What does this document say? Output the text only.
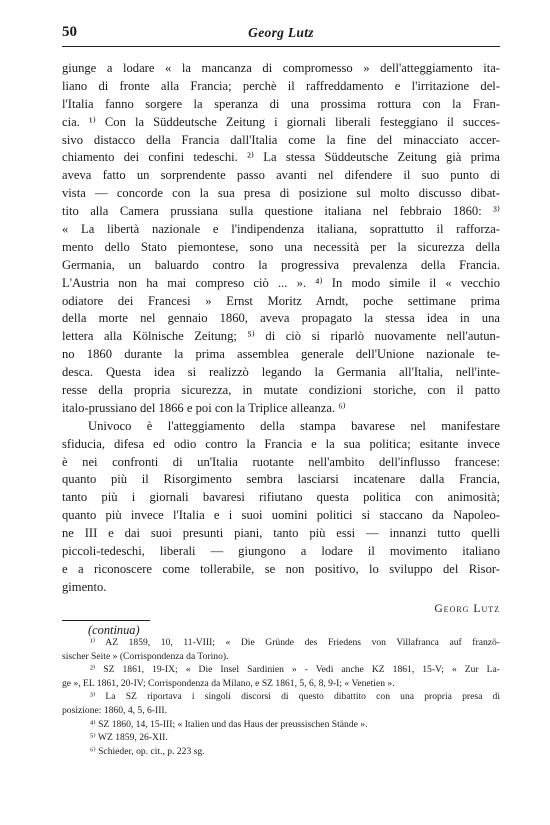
50	Georg Lutz
giunge a lodare « la mancanza di compromesso » dell'atteggiamento ita-
liano di fronte alla Francia; perchè il raffreddamento e l'irritazione del-
l'Italia fanno sorgere la speranza di una prossima rottura con la Fran-
cia. ¹⁾ Con la Süddeutsche Zeitung i giornali liberali festeggiano il succes-
sivo distacco della Francia dall'Italia come la fine del minacciato accer-
chiamento dei confini tedeschi. ²⁾ La stessa Süddeutsche Zeitung già prima
aveva fatto un sorprendente passo avanti nel difendere il suo punto di
vista — concorde con la sua presa di posizione sul molto discusso dibat-
tito alla Camera prussiana sulla questione italiana nel febbraio 1860: ³⁾
« La libertà nazionale e l'indipendenza italiana, soprattutto il rafforza-
mento dello Stato piemontese, sono una necessità per la sicurezza della
Germania, un baluardo contro la progressiva prevalenza della Francia.
L'Austria non ha mai compreso ciò ... ». ⁴⁾ In modo simile il « vecchio
odiatore dei Francesi » Ernst Moritz Arndt, poche settimane prima
della morte nel gennaio 1860, aveva propagato la stessa idea in una
lettera alla Kölnische Zeitung; ⁵⁾ di ciò si riparlò nuovamente nell'autun-
no 1860 durante la prima assemblea generale dell'Unione nazionale te-
desca. Questa idea si realizzò legando la Germania all'Italia, nell'inte-
resse della propria sicurezza, in mutate condizioni storiche, con il patto
italo-prussiano del 1866 e poi con la Triplice alleanza. ⁶⁾
Univoco è l'atteggiamento della stampa bavarese nel manifestare
sfiducia, difesa ed odio contro la Francia e la sua politica; esitante invece
è nei confronti di un'Italia ruotante nell'ambito dell'influsso francese:
quanto più il Risorgimento sembra lasciarsi incatenare dalla Francia,
tanto più i giornali bavaresi rifiutano questa politica con animosità;
quanto più invece l'Italia e i suoi uomini politici si staccano da Napoleo-
ne III e dai suoi presunti piani, tanto più essi — innanzi tutto quelli
piccoli-tedeschi, liberali — giungono a lodare il movimento italiano
e a riconoscere come tollerabile, se non positivo, lo sviluppo del Risor-
gimento.
Georg Lutz
(continua)
¹⁾ AZ 1859, 10, 11-VIII; « Die Gründe des Friedens von Villafranca auf franzö-
sischer Seite » (Corrispondenza da Torino).
²⁾ SZ 1861, 19-IX; « Die Insel Sardinien » - Vedi anche KZ 1861, 15-V; « Zur La-
ge », EL 1861, 20-IV; Corrispondenza da Milano, e SZ 1861, 5, 6, 8, 9-I; « Venetien ».
³⁾ La SZ riportava i singoli discorsi di questo dibattito con una propria presa di
posizione: 1860, 4, 5, 6-III.
⁴⁾ SZ 1860, 14, 15-III; « Italien und das Haus der preussischen Stände ».
⁵⁾ WZ 1859, 26-XII.
⁶⁾ Schieder, op. cit., p. 223 sg.
